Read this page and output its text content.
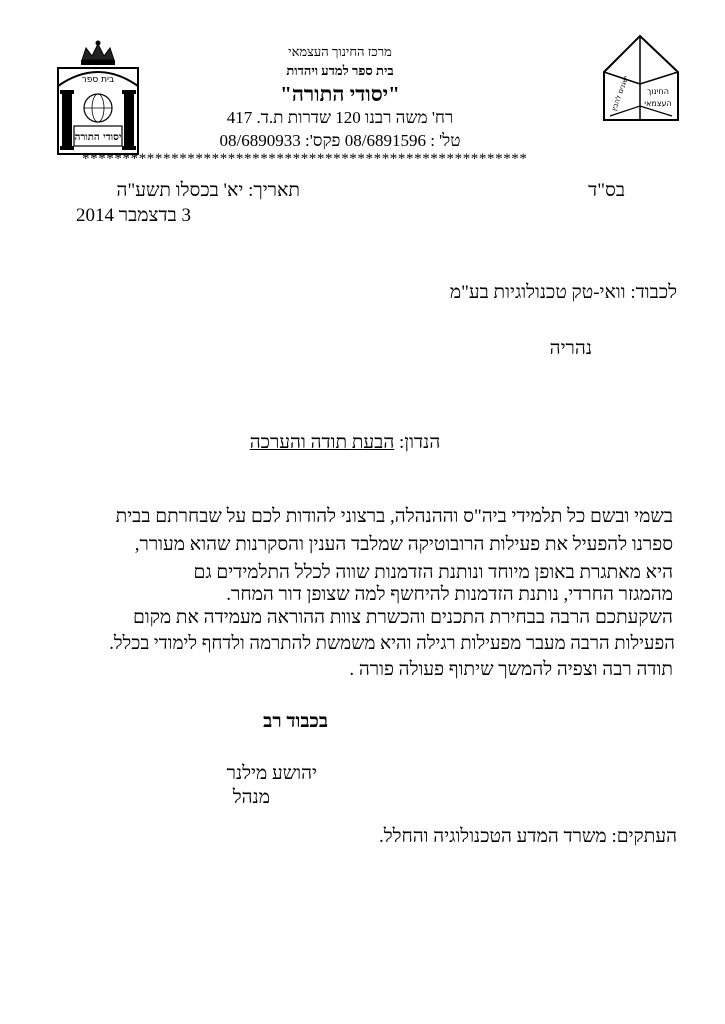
בית ספר
יסודי התורה
ישגנים להבין החינוך
העצמאי
מרכז החינוך העצמאי
בית ספר למדע ויהדות
"יסודי התורה"
רח' משה רבנו 120 שדרות ת.ד. 417
טל' : 08/6891596 פקס': 08/6890933
*******************************************************
בס"ד
תאריך: יא' בכסלו תשע"ה
3 בדצמבר 2014
לכבוד: וואי-טק טכנולוגיות בע"מ
נהריה
הנדון: הבעת תודה והערכה
בשמי ובשם כל תלמידי ביה"ס וההנהלה, ברצוני להודות לכם על שבחרתם בבית
ספרנו להפעיל את פעילות הרובוטיקה שמלבד הענין והסקרנות שהוא מעורר,
היא מאתגרת באופן מיוחד ונותנת הזדמנות שווה לכלל התלמידים גם
מהמגזר החרדי, נותנת הזדמנות להיחשף למה שצופן דור המחר.
השקעתכם הרבה בבחירת התכנים והכשרת צוות ההוראה מעמידה את מקום
הפעילות הרבה מעבר מפעילות רגילה והיא משמשת להתרמה ולדחף לימודי בכלל.
תודה רבה וצפיה להמשך שיתוף פעולה פורה .
בכבוד רב
יהושע מילנר
מנהל
העתקים: משרד המדע הטכנולוגיה והחלל.
